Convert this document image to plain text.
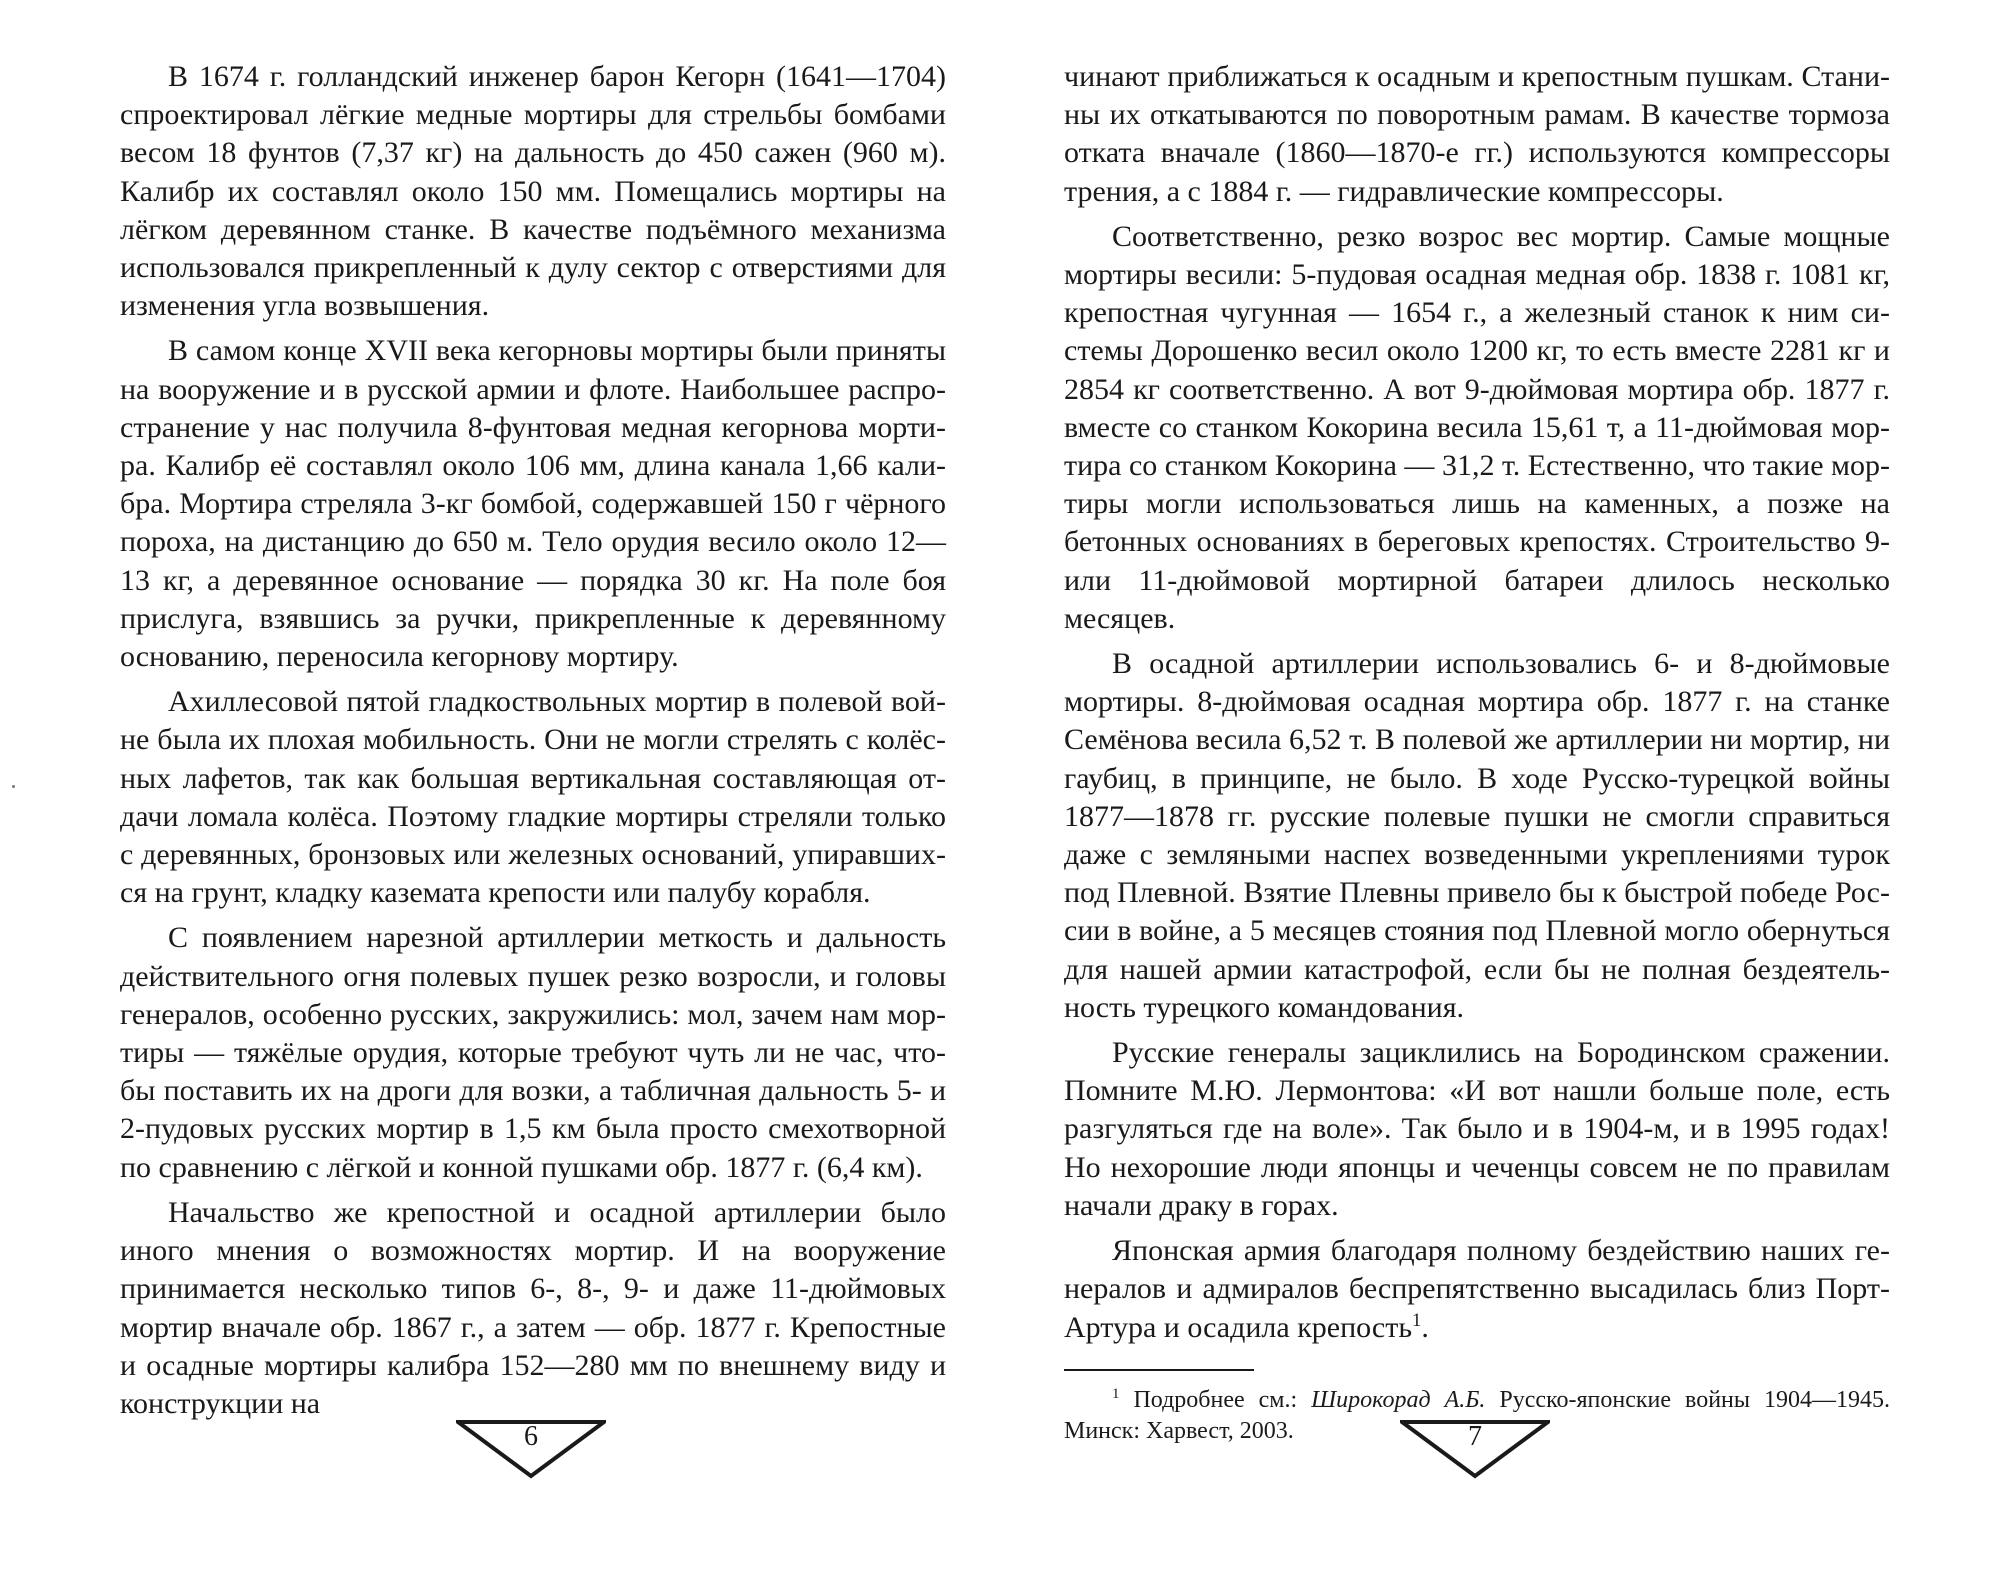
В 1674 г. голландский инженер барон Кегорн (1641—1704) спроектировал лёгкие медные мортиры для стрельбы бомбами весом 18 фунтов (7,37 кг) на дальность до 450 сажен (960 м). Калибр их составлял около 150 мм. Помещались мортиры на лёгком деревянном станке. В качестве подъёмного механизма использовался прикрепленный к дулу сектор с отверстиями для изменения угла возвышения.

В самом конце XVII века кегорновы мортиры были приняты на вооружение и в русской армии и флоте. Наибольшее распространение у нас получила 8-фунтовая медная кегорнова мортира. Калибр её составлял около 106 мм, длина канала 1,66 калибра. Мортира стреляла 3-кг бомбой, содержавшей 150 г чёрного пороха, на дистанцию до 650 м. Тело орудия весило около 12—13 кг, а деревянное основание — порядка 30 кг. На поле боя прислуга, взявшись за ручки, прикрепленные к деревянному основанию, переносила кегорнову мортиру.

Ахиллесовой пятой гладкоствольных мортир в полевой войне была их плохая мобильность. Они не могли стрелять с колёсных лафетов, так как большая вертикальная составляющая отдачи ломала колёса. Поэтому гладкие мортиры стреляли только с деревянных, бронзовых или железных оснований, упиравшихся на грунт, кладку каземата крепости или палубу корабля.

С появлением нарезной артиллерии меткость и дальность действительного огня полевых пушек резко возросли, и головы генералов, особенно русских, закружились: мол, зачем нам мортиры — тяжёлые орудия, которые требуют чуть ли не час, чтобы поставить их на дроги для возки, а табличная дальность 5- и 2-пудовых русских мортир в 1,5 км была просто смехотворной по сравнению с лёгкой и конной пушками обр. 1877 г. (6,4 км).

Начальство же крепостной и осадной артиллерии было иного мнения о возможностях мортир. И на вооружение принимается несколько типов 6-, 8-, 9- и даже 11-дюймовых мортир вначале обр. 1867 г., а затем — обр. 1877 г. Крепостные и осадные мортиры калибра 152—280 мм по внешнему виду и конструкции на

чинают приближаться к осадным и крепостным пушкам. Станины их откатываются по поворотным рамам. В качестве тормоза отката вначале (1860—1870-е гг.) используются компрессоры трения, а с 1884 г. — гидравлические компрессоры.

Соответственно, резко возрос вес мортир. Самые мощные мортиры весили: 5-пудовая осадная медная обр. 1838 г. 1081 кг, крепостная чугунная — 1654 г., а железный станок к ним системы Дорошенко весил около 1200 кг, то есть вместе 2281 кг и 2854 кг соответственно. А вот 9-дюймовая мортира обр. 1877 г. вместе со станком Кокорина весила 15,61 т, а 11-дюймовая мортира со станком Кокорина — 31,2 т. Естественно, что такие мортиры могли использоваться лишь на каменных, а позже на бетонных основаниях в береговых крепостях. Строительство 9- или 11-дюймовой мортирной батареи длилось несколько месяцев.

В осадной артиллерии использовались 6- и 8-дюймовые мортиры. 8-дюймовая осадная мортира обр. 1877 г. на станке Семёнова весила 6,52 т. В полевой же артиллерии ни мортир, ни гаубиц, в принципе, не было. В ходе Русско-турецкой войны 1877—1878 гг. русские полевые пушки не смогли справиться даже с земляными наспех возведенными укреплениями турок под Плевной. Взятие Плевны привело бы к быстрой победе России в войне, а 5 месяцев стояния под Плевной могло обернуться для нашей армии катастрофой, если бы не полная бездеятельность турецкого командования.

Русские генералы зациклились на Бородинском сражении. Помните М.Ю. Лермонтова: «И вот нашли больше поле, есть разгуляться где на воле». Так было и в 1904-м, и в 1995 годах! Но нехорошие люди японцы и чеченцы совсем не по правилам начали драку в горах.

Японская армия благодаря полному бездействию наших генералов и адмиралов беспрепятственно высадилась близ Порт-Артура и осадила крепость$^1$.

$^1$ Подробнее см.: Широкорад А.Б. Русско-японские войны 1904—1945. Минск: Харвест, 2003.

6	7
